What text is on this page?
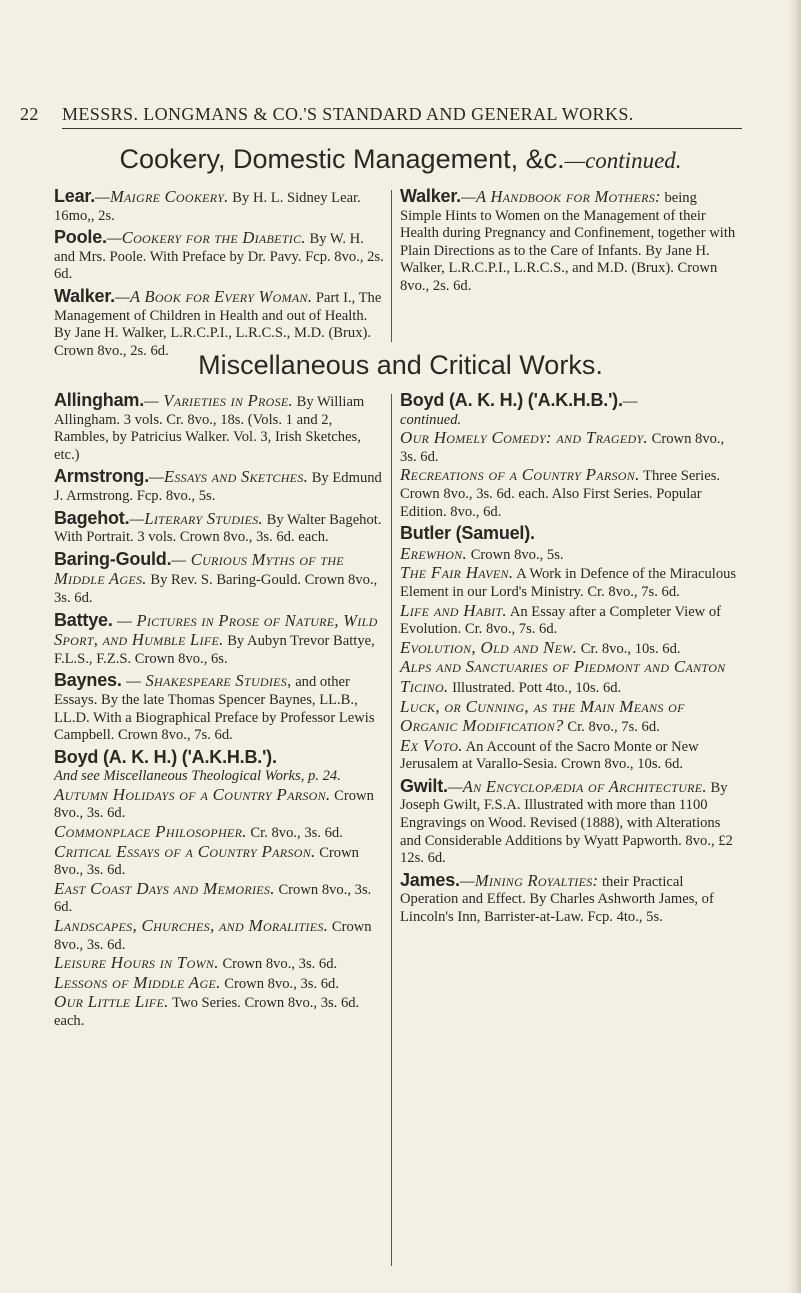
22 MESSRS. LONGMANS & CO.'S STANDARD AND GENERAL WORKS.
Cookery, Domestic Management, &c.—continued.

Lear.—Maigre Cookery. By H. L. Sidney Lear. 16mo,, 2s.

Poole.—Cookery for the Diabetic. By W. H. and Mrs. Poole. With Preface by Dr. Pavy. Fcp. 8vo., 2s. 6d.

Walker.—A Book for Every Woman. Part I., The Management of Children in Health and out of Health. By Jane H. Walker, L.R.C.P.I., L.R.C.S., M.D. (Brux). Crown 8vo., 2s. 6d.

Walker.—A Handbook for Mothers: being Simple Hints to Women on the Management of their Health during Pregnancy and Confinement, together with Plain Directions as to the Care of Infants. By Jane H. Walker, L.R.C.P.I., L.R.C.S., and M.D. (Brux). Crown 8vo., 2s. 6d.

Miscellaneous and Critical Works.

Allingham.— Varieties in Prose. By William Allingham. 3 vols. Cr. 8vo., 18s. (Vols. 1 and 2, Rambles, by Patricius Walker. Vol. 3, Irish Sketches, etc.)

Armstrong.—Essays and Sketches. By Edmund J. Armstrong. Fcp. 8vo., 5s.

Bagehot.—Literary Studies. By Walter Bagehot. With Portrait. 3 vols. Crown 8vo., 3s. 6d. each.

Baring-Gould.— Curious Myths of the Middle Ages. By Rev. S. Baring-Gould. Crown 8vo., 3s. 6d.

Battye. — Pictures in Prose of Nature, Wild Sport, and Humble Life. By Aubyn Trevor Battye, F.L.S., F.Z.S. Crown 8vo., 6s.

Baynes. — Shakespeare Studies, and other Essays. By the late Thomas Spencer Baynes, LL.B., LL.D. With a Biographical Preface by Professor Lewis Campbell. Crown 8vo., 7s. 6d.

Boyd (A. K. H.) ('A.K.H.B.').

And see Miscellaneous Theological Works, p. 24.

Autumn Holidays of a Country Parson. Crown 8vo., 3s. 6d.

Commonplace Philosopher. Cr. 8vo., 3s. 6d.

Critical Essays of a Country Parson. Crown 8vo., 3s. 6d.

East Coast Days and Memories. Crown 8vo., 3s. 6d.

Landscapes, Churches, and Moralities. Crown 8vo., 3s. 6d.

Leisure Hours in Town. Crown 8vo., 3s. 6d.

Lessons of Middle Age. Crown 8vo., 3s. 6d.

Our Little Life. Two Series. Crown 8vo., 3s. 6d. each.

Boyd (A. K. H.) ('A.K.H.B.').—

continued.

Our Homely Comedy: and Tragedy. Crown 8vo., 3s. 6d.

Recreations of a Country Parson. Three Series. Crown 8vo., 3s. 6d. each. Also First Series. Popular Edition. 8vo., 6d.

Butler (Samuel).

Erewhon. Crown 8vo., 5s.

The Fair Haven. A Work in Defence of the Miraculous Element in our Lord's Ministry. Cr. 8vo., 7s. 6d.

Life and Habit. An Essay after a Completer View of Evolution. Cr. 8vo., 7s. 6d.

Evolution, Old and New. Cr. 8vo., 10s. 6d.

Alps and Sanctuaries of Piedmont and Canton Ticino. Illustrated. Pott 4to., 10s. 6d.

Luck, or Cunning, as the Main Means of Organic Modification? Cr. 8vo., 7s. 6d.

Ex Voto. An Account of the Sacro Monte or New Jerusalem at Varallo-Sesia. Crown 8vo., 10s. 6d.

Gwilt.—An Encyclopædia of Architecture. By Joseph Gwilt, F.S.A. Illustrated with more than 1100 Engravings on Wood. Revised (1888), with Alterations and Considerable Additions by Wyatt Papworth. 8vo., £2 12s. 6d.

James.—Mining Royalties: their Practical Operation and Effect. By Charles Ashworth James, of Lincoln's Inn, Barrister-at-Law. Fcp. 4to., 5s.
